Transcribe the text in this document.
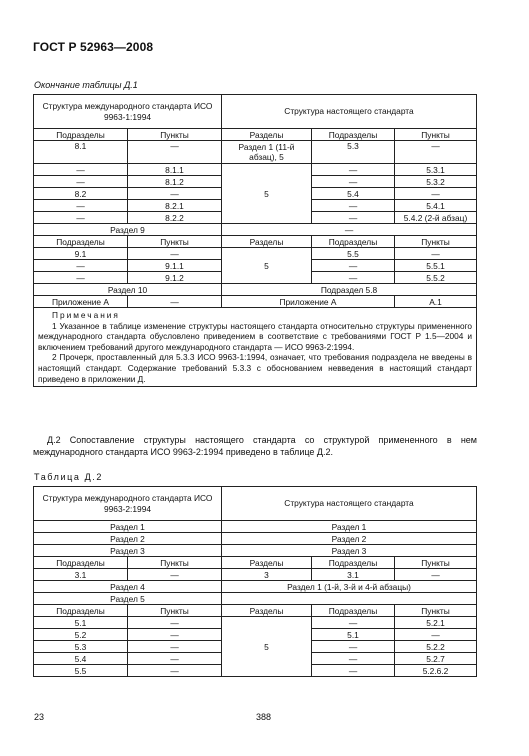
ГОСТ Р 52963—2008
Окончание таблицы Д.1
Структура международного стандарта ИСО 9963-1:1994		Структура настоящего стандарта		
Подразделы	Пункты	Разделы	Подразделы	Пункты
8.1	—	Раздел 1 (11-й абзац), 5	5.3	—
—	8.1.1	5	—	5.3.1
—	8.1.2		—	5.3.2
8.2	—		5.4	—
—	8.2.1		—	5.4.1
—	8.2.2		—	5.4.2 (2-й абзац)
Раздел 9		—		
Подразделы	Пункты	Разделы	Подразделы	Пункты
9.1	—	5	5.5	—
—	9.1.1		—	5.5.1
—	9.1.2		—	5.5.2
Раздел 10		Подраздел 5.8		
Приложение А	—	Приложение А		А.1

Примечания
1 Указанное в таблице изменение структуры настоящего стандарта относительно структуры примененного международного стандарта обусловлено приведением в соответствие с требованиями ГОСТ Р 1.5—2004 и включением требований другого международного стандарта — ИСО 9963-2:1994.
2 Прочерк, проставленный для 5.3.3 ИСО 9963-1:1994, означает, что требования подраздела не введены в настоящий стандарт. Содержание требований 5.3.3 с обоснованием невведения в настоящий стандарт приведено в приложении Д.				
Д.2 Сопоставление структуры настоящего стандарта со структурой примененного в нем международного стандарта ИСО 9963-2:1994 приведено в таблице Д.2.
Таблица Д.2
Структура международного стандарта ИСО 9963-2:1994		Структура настоящего стандарта		
Раздел 1		Раздел 1		
Раздел 2		Раздел 2		
Раздел 3		Раздел 3		
Подразделы	Пункты	Разделы	Подразделы	Пункты
3.1	—	3	3.1	—
Раздел 4		Раздел 1 (1-й, 3-й и 4-й абзацы)		
Раздел 5				
Подразделы	Пункты	Разделы	Подразделы	Пункты
5.1	—	5	—	5.2.1
5.2	—		5.1	—
5.3	—		—	5.2.2
5.4	—		—	5.2.7
5.5	—		—	5.2.6.2
23	388
